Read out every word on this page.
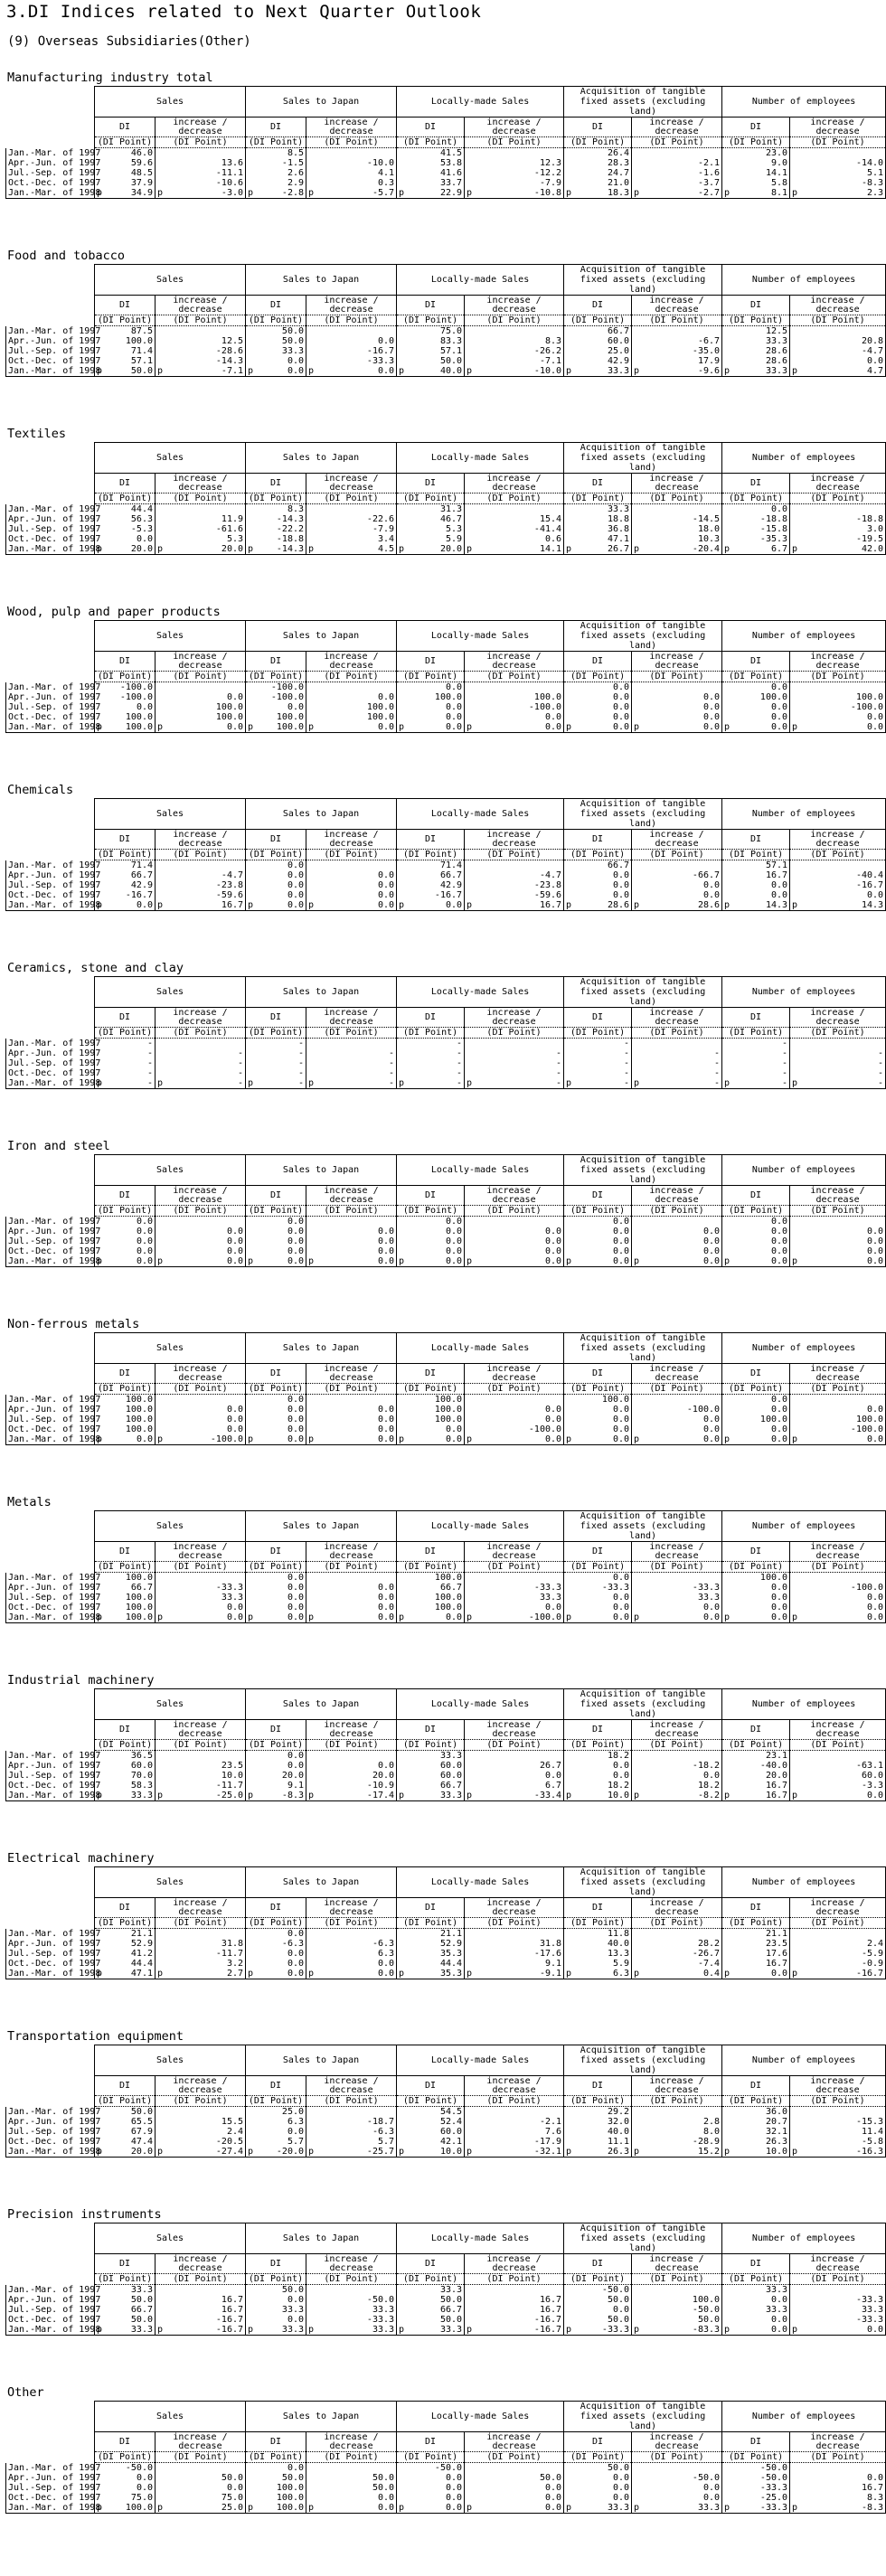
3.DI Indices related to Next Quarter Outlook
(9) Overseas Subsidiaries(Other)
Manufacturing industry total
	Sales		Sales to Japan		Locally-made Sales		Acquisition of tangible fixed assets (excluding land)		Number of employees	
	DI	increase / decrease	DI	increase / decrease	DI	increase / decrease	DI	increase / decrease	DI	increase / decrease
	(DI Point)	(DI Point)	(DI Point)	(DI Point)	(DI Point)	(DI Point)	(DI Point)	(DI Point)	(DI Point)	(DI Point)
Jan.-Mar. of 1997	46.0		8.5		41.5		26.4		23.0	
Apr.-Jun. of 1997	59.6	13.6	-1.5	-10.0	53.8	12.3	28.3	-2.1	9.0	-14.0
Jul.-Sep. of 1997	48.5	-11.1	2.6	4.1	41.6	-12.2	24.7	-1.6	14.1	5.1
Oct.-Dec. of 1997	37.9	-10.6	2.9	0.3	33.7	-7.9	21.0	-3.7	5.8	-8.3
Jan.-Mar. of 1998	p 34.9	p -3.0	p -2.8	p -5.7	p 22.9	p -10.8	p 18.3	p -2.7	p 8.1	p 2.3
Food and tobacco
	Sales		Sales to Japan		Locally-made Sales		Acquisition of tangible fixed assets (excluding land)		Number of employees	
	DI	increase / decrease	DI	increase / decrease	DI	increase / decrease	DI	increase / decrease	DI	increase / decrease
	(DI Point)	(DI Point)	(DI Point)	(DI Point)	(DI Point)	(DI Point)	(DI Point)	(DI Point)	(DI Point)	(DI Point)
Jan.-Mar. of 1997	87.5		50.0		75.0		66.7		12.5	
Apr.-Jun. of 1997	100.0	12.5	50.0	0.0	83.3	8.3	60.0	-6.7	33.3	20.8
Jul.-Sep. of 1997	71.4	-28.6	33.3	-16.7	57.1	-26.2	25.0	-35.0	28.6	-4.7
Oct.-Dec. of 1997	57.1	-14.3	0.0	-33.3	50.0	-7.1	42.9	17.9	28.6	0.0
Jan.-Mar. of 1998	p 50.0	p -7.1	p 0.0	p 0.0	p 40.0	p -10.0	p 33.3	p -9.6	p 33.3	p 4.7
Textiles
	Sales		Sales to Japan		Locally-made Sales		Acquisition of tangible fixed assets (excluding land)		Number of employees	
	DI	increase / decrease	DI	increase / decrease	DI	increase / decrease	DI	increase / decrease	DI	increase / decrease
	(DI Point)	(DI Point)	(DI Point)	(DI Point)	(DI Point)	(DI Point)	(DI Point)	(DI Point)	(DI Point)	(DI Point)
Jan.-Mar. of 1997	44.4		8.3		31.3		33.3		0.0	
Apr.-Jun. of 1997	56.3	11.9	-14.3	-22.6	46.7	15.4	18.8	-14.5	-18.8	-18.8
Jul.-Sep. of 1997	-5.3	-61.6	-22.2	-7.9	5.3	-41.4	36.8	18.0	-15.8	3.0
Oct.-Dec. of 1997	0.0	5.3	-18.8	3.4	5.9	0.6	47.1	10.3	-35.3	-19.5
Jan.-Mar. of 1998	p 20.0	p 20.0	p -14.3	p 4.5	p 20.0	p 14.1	p 26.7	p -20.4	p 6.7	p 42.0
Wood, pulp and paper products
	Sales		Sales to Japan		Locally-made Sales		Acquisition of tangible fixed assets (excluding land)		Number of employees	
	DI	increase / decrease	DI	increase / decrease	DI	increase / decrease	DI	increase / decrease	DI	increase / decrease
	(DI Point)	(DI Point)	(DI Point)	(DI Point)	(DI Point)	(DI Point)	(DI Point)	(DI Point)	(DI Point)	(DI Point)
Jan.-Mar. of 1997	-100.0		-100.0		0.0		0.0		0.0	
Apr.-Jun. of 1997	-100.0	0.0	-100.0	0.0	100.0	100.0	0.0	0.0	100.0	100.0
Jul.-Sep. of 1997	0.0	100.0	0.0	100.0	0.0	-100.0	0.0	0.0	0.0	-100.0
Oct.-Dec. of 1997	100.0	100.0	100.0	100.0	0.0	0.0	0.0	0.0	0.0	0.0
Jan.-Mar. of 1998	p 100.0	p 0.0	p 100.0	p 0.0	p 0.0	p 0.0	p 0.0	p 0.0	p 0.0	p 0.0
Chemicals
	Sales		Sales to Japan		Locally-made Sales		Acquisition of tangible fixed assets (excluding land)		Number of employees	
	DI	increase / decrease	DI	increase / decrease	DI	increase / decrease	DI	increase / decrease	DI	increase / decrease
	(DI Point)	(DI Point)	(DI Point)	(DI Point)	(DI Point)	(DI Point)	(DI Point)	(DI Point)	(DI Point)	(DI Point)
Jan.-Mar. of 1997	71.4		0.0		71.4		66.7		57.1	
Apr.-Jun. of 1997	66.7	-4.7	0.0	0.0	66.7	-4.7	0.0	-66.7	16.7	-40.4
Jul.-Sep. of 1997	42.9	-23.8	0.0	0.0	42.9	-23.8	0.0	0.0	0.0	-16.7
Oct.-Dec. of 1997	-16.7	-59.6	0.0	0.0	-16.7	-59.6	0.0	0.0	0.0	0.0
Jan.-Mar. of 1998	p 0.0	p 16.7	p 0.0	p 0.0	p 0.0	p 16.7	p 28.6	p 28.6	p 14.3	p 14.3
Ceramics, stone and clay
	Sales		Sales to Japan		Locally-made Sales		Acquisition of tangible fixed assets (excluding land)		Number of employees	
	DI	increase / decrease	DI	increase / decrease	DI	increase / decrease	DI	increase / decrease	DI	increase / decrease
	(DI Point)	(DI Point)	(DI Point)	(DI Point)	(DI Point)	(DI Point)	(DI Point)	(DI Point)	(DI Point)	(DI Point)
Jan.-Mar. of 1997	-		-		-		-		-	
Apr.-Jun. of 1997	-	-	-	-	-	-	-	-	-	-
Jul.-Sep. of 1997	-	-	-	-	-	-	-	-	-	-
Oct.-Dec. of 1997	-	-	-	-	-	-	-	-	-	-
Jan.-Mar. of 1998	p -	p -	p -	p -	p -	p -	p -	p -	p -	p -
Iron and steel
	Sales		Sales to Japan		Locally-made Sales		Acquisition of tangible fixed assets (excluding land)		Number of employees	
	DI	increase / decrease	DI	increase / decrease	DI	increase / decrease	DI	increase / decrease	DI	increase / decrease
	(DI Point)	(DI Point)	(DI Point)	(DI Point)	(DI Point)	(DI Point)	(DI Point)	(DI Point)	(DI Point)	(DI Point)
Jan.-Mar. of 1997	0.0		0.0		0.0		0.0		0.0	
Apr.-Jun. of 1997	0.0	0.0	0.0	0.0	0.0	0.0	0.0	0.0	0.0	0.0
Jul.-Sep. of 1997	0.0	0.0	0.0	0.0	0.0	0.0	0.0	0.0	0.0	0.0
Oct.-Dec. of 1997	0.0	0.0	0.0	0.0	0.0	0.0	0.0	0.0	0.0	0.0
Jan.-Mar. of 1998	p 0.0	p 0.0	p 0.0	p 0.0	p 0.0	p 0.0	p 0.0	p 0.0	p 0.0	p 0.0
Non-ferrous metals
	Sales		Sales to Japan		Locally-made Sales		Acquisition of tangible fixed assets (excluding land)		Number of employees	
	DI	increase / decrease	DI	increase / decrease	DI	increase / decrease	DI	increase / decrease	DI	increase / decrease
	(DI Point)	(DI Point)	(DI Point)	(DI Point)	(DI Point)	(DI Point)	(DI Point)	(DI Point)	(DI Point)	(DI Point)
Jan.-Mar. of 1997	100.0		0.0		100.0		100.0		0.0	
Apr.-Jun. of 1997	100.0	0.0	0.0	0.0	100.0	0.0	0.0	-100.0	0.0	0.0
Jul.-Sep. of 1997	100.0	0.0	0.0	0.0	100.0	0.0	0.0	0.0	100.0	100.0
Oct.-Dec. of 1997	100.0	0.0	0.0	0.0	0.0	-100.0	0.0	0.0	0.0	-100.0
Jan.-Mar. of 1998	p 0.0	p -100.0	p 0.0	p 0.0	p 0.0	p 0.0	p 0.0	p 0.0	p 0.0	p 0.0
Metals
	Sales		Sales to Japan		Locally-made Sales		Acquisition of tangible fixed assets (excluding land)		Number of employees	
	DI	increase / decrease	DI	increase / decrease	DI	increase / decrease	DI	increase / decrease	DI	increase / decrease
	(DI Point)	(DI Point)	(DI Point)	(DI Point)	(DI Point)	(DI Point)	(DI Point)	(DI Point)	(DI Point)	(DI Point)
Jan.-Mar. of 1997	100.0		0.0		100.0		0.0		100.0	
Apr.-Jun. of 1997	66.7	-33.3	0.0	0.0	66.7	-33.3	-33.3	-33.3	0.0	-100.0
Jul.-Sep. of 1997	100.0	33.3	0.0	0.0	100.0	33.3	0.0	33.3	0.0	0.0
Oct.-Dec. of 1997	100.0	0.0	0.0	0.0	100.0	0.0	0.0	0.0	0.0	0.0
Jan.-Mar. of 1998	p 100.0	p 0.0	p 0.0	p 0.0	p 0.0	p -100.0	p 0.0	p 0.0	p 0.0	p 0.0
Industrial machinery
	Sales		Sales to Japan		Locally-made Sales		Acquisition of tangible fixed assets (excluding land)		Number of employees	
	DI	increase / decrease	DI	increase / decrease	DI	increase / decrease	DI	increase / decrease	DI	increase / decrease
	(DI Point)	(DI Point)	(DI Point)	(DI Point)	(DI Point)	(DI Point)	(DI Point)	(DI Point)	(DI Point)	(DI Point)
Jan.-Mar. of 1997	36.5		0.0		33.3		18.2		23.1	
Apr.-Jun. of 1997	60.0	23.5	0.0	0.0	60.0	26.7	0.0	-18.2	-40.0	-63.1
Jul.-Sep. of 1997	70.0	10.0	20.0	20.0	60.0	0.0	0.0	0.0	20.0	60.0
Oct.-Dec. of 1997	58.3	-11.7	9.1	-10.9	66.7	6.7	18.2	18.2	16.7	-3.3
Jan.-Mar. of 1998	p 33.3	p -25.0	p -8.3	p -17.4	p 33.3	p -33.4	p 10.0	p -8.2	p 16.7	p 0.0
Electrical machinery
	Sales		Sales to Japan		Locally-made Sales		Acquisition of tangible fixed assets (excluding land)		Number of employees	
	DI	increase / decrease	DI	increase / decrease	DI	increase / decrease	DI	increase / decrease	DI	increase / decrease
	(DI Point)	(DI Point)	(DI Point)	(DI Point)	(DI Point)	(DI Point)	(DI Point)	(DI Point)	(DI Point)	(DI Point)
Jan.-Mar. of 1997	21.1		0.0		21.1		11.8		21.1	
Apr.-Jun. of 1997	52.9	31.8	-6.3	-6.3	52.9	31.8	40.0	28.2	23.5	2.4
Jul.-Sep. of 1997	41.2	-11.7	0.0	6.3	35.3	-17.6	13.3	-26.7	17.6	-5.9
Oct.-Dec. of 1997	44.4	3.2	0.0	0.0	44.4	9.1	5.9	-7.4	16.7	-0.9
Jan.-Mar. of 1998	p 47.1	p 2.7	p 0.0	p 0.0	p 35.3	p -9.1	p 6.3	p 0.4	p 0.0	p -16.7
Transportation equipment
	Sales		Sales to Japan		Locally-made Sales		Acquisition of tangible fixed assets (excluding land)		Number of employees	
	DI	increase / decrease	DI	increase / decrease	DI	increase / decrease	DI	increase / decrease	DI	increase / decrease
	(DI Point)	(DI Point)	(DI Point)	(DI Point)	(DI Point)	(DI Point)	(DI Point)	(DI Point)	(DI Point)	(DI Point)
Jan.-Mar. of 1997	50.0		25.0		54.5		29.2		36.0	
Apr.-Jun. of 1997	65.5	15.5	6.3	-18.7	52.4	-2.1	32.0	2.8	20.7	-15.3
Jul.-Sep. of 1997	67.9	2.4	0.0	-6.3	60.0	7.6	40.0	8.0	32.1	11.4
Oct.-Dec. of 1997	47.4	-20.5	5.7	5.7	42.1	-17.9	11.1	-28.9	26.3	-5.8
Jan.-Mar. of 1998	p 20.0	p -27.4	p -20.0	p -25.7	p 10.0	p -32.1	p 26.3	p 15.2	p 10.0	p -16.3
Precision instruments
	Sales		Sales to Japan		Locally-made Sales		Acquisition of tangible fixed assets (excluding land)		Number of employees	
	DI	increase / decrease	DI	increase / decrease	DI	increase / decrease	DI	increase / decrease	DI	increase / decrease
	(DI Point)	(DI Point)	(DI Point)	(DI Point)	(DI Point)	(DI Point)	(DI Point)	(DI Point)	(DI Point)	(DI Point)
Jan.-Mar. of 1997	33.3		50.0		33.3		-50.0		33.3	
Apr.-Jun. of 1997	50.0	16.7	0.0	-50.0	50.0	16.7	50.0	100.0	0.0	-33.3
Jul.-Sep. of 1997	66.7	16.7	33.3	33.3	66.7	16.7	0.0	-50.0	33.3	33.3
Oct.-Dec. of 1997	50.0	-16.7	0.0	-33.3	50.0	-16.7	50.0	50.0	0.0	-33.3
Jan.-Mar. of 1998	p 33.3	p -16.7	p 33.3	p 33.3	p 33.3	p -16.7	p -33.3	p -83.3	p 0.0	p 0.0
Other
	Sales		Sales to Japan		Locally-made Sales		Acquisition of tangible fixed assets (excluding land)		Number of employees	
	DI	increase / decrease	DI	increase / decrease	DI	increase / decrease	DI	increase / decrease	DI	increase / decrease
	(DI Point)	(DI Point)	(DI Point)	(DI Point)	(DI Point)	(DI Point)	(DI Point)	(DI Point)	(DI Point)	(DI Point)
Jan.-Mar. of 1997	-50.0		0.0		-50.0		50.0		-50.0	
Apr.-Jun. of 1997	0.0	50.0	50.0	50.0	0.0	50.0	0.0	-50.0	-50.0	0.0
Jul.-Sep. of 1997	0.0	0.0	100.0	50.0	0.0	0.0	0.0	0.0	-33.3	16.7
Oct.-Dec. of 1997	75.0	75.0	100.0	0.0	0.0	0.0	0.0	0.0	-25.0	8.3
Jan.-Mar. of 1998	p 100.0	p 25.0	p 100.0	p 0.0	p 0.0	p 0.0	p 33.3	p 33.3	p -33.3	p -8.3
